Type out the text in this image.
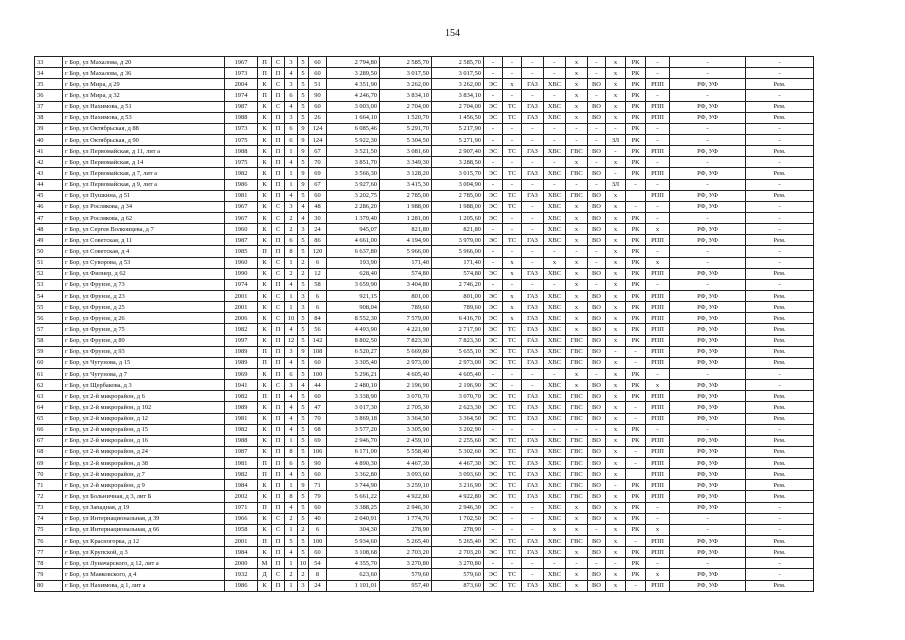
154
33	г Бор, ул Махалова, д 20	1967	П	С	3	5	60	2 794,80	2 585,70	2 585,70	-	-	-	-	х	-	х	РК	-	-	-
34	г Бор, ул Махалова, д 36	1973	П	П	4	5	60	3 289,50	3 017,50	3 017,50	-	-	-	-	х	-	х	РК	-	-	-
35	г Бор, ул Мира, д 29	2004	К	С	3	5	51	4 351,90	3 262,00	3 262,00	ЭС	х	ГАЗ	ХВС	х	ВО	х	РК	РПП	РФ, УФ	Рем.
36	г Бор, ул Мира, д 32	1974	П	П	6	5	90	4 246,70	3 834,10	3 834,10	-	-	-	-	х	-	х	РК	-	-	-
37	г Бор, ул Нахимова, д 51	1987	К	С	4	5	60	3 003,00	2 704,00	2 704,00	ЭС	ТС	ГАЗ	ХВС	х	ВО	х	РК	РПП	РФ, УФ	Рем.
38	г Бор, ул Нахимова, д 53	1988	К	П	3	5	26	1 664,10	1 520,70	1 456,50	ЭС	ТС	ГАЗ	ХВС	х	ВО	х	РК	РПП	РФ, УФ	Рем.
39	г Бор, ул Октябрьская, д 88	1973	К	П	6	9	124	6 085,46	5 291,70	5 217,90	-	-	-	-	-	-	-	РК	-	-	-
40	г Бор, ул Октябрьская, д 90	1975	К	П	6	9	124	5 922,30	5 304,50	5 271,90	-	-	-	-	-	-	ЗЛ	РК	-	-	-
41	г Бор, ул Первомайская, д 11, лит а	1988	К	П	1	9	67	3 521,50	3 081,60	2 907,40	ЭС	ТС	ГАЗ	ХВС	ГВС	ВО	-	РК	РПП	РФ, УФ	Рем.
42	г Бор, ул Первомайская, д 14	1975	К	П	4	5	70	3 851,70	3 349,30	3 288,50	-	-	-	-	х	-	х	РК	-	-	-
43	г Бор, ул Первомайская, д 7, лит а	1982	К	П	1	9	69	3 566,30	3 128,20	3 015,70	ЭС	ТС	ГАЗ	ХВС	ГВС	ВО	-	РК	РПП	РФ, УФ	Рем.
44	г Бор, ул Первомайская, д 9, лит а	1986	К	П	1	9	67	3 927,60	3 415,30	3 004,90	-	-	-	-	-	-	ЗЛ	-	-	-	-
45	г Бор, ул Пушкина, д 51	1981	К	П	4	5	60	3 202,75	2 785,00	2 785,00	ЭС	ТС	ГАЗ	ХВС	ГВС	ВО	х		РПП	РФ, УФ	Рем.
46	г Бор, ул Рослякова, д 34	1967	К	С	3	4	48	2 286,20	1 988,00	1 988,00	ЭС	ТС	-	ХВС	х	ВО	х	-	-	РФ, УФ	-
47	г Бор, ул Рослякова, д 62	1967	К	С	2	4	30	1 379,40	1 281,00	1 205,60	ЭС	-	-	ХВС	х	ВО	х	РК	-	-	-
48	г Бор, ул Сергея Волкоицева, д 7	1960	К	С	2	3	24	945,07	821,80	821,80	-	-	-	ХВС	х	ВО	х	РК	х	РФ, УФ	-
49	г Бор, ул Советская, д 11	1987	К	П	6	5	86	4 661,00	4 194,90	3 979,00	ЭС	ТС	ГАЗ	ХВС	х	ВО	х	РК	РПП	РФ, УФ	Рем.
50	г Бор, ул Советская, д 4	1985	П	П	8	5	120	6 637,80	5 966,00	5 966,00	-	-	-	-	-	-	х	РК	-	-	-
51	г Бор, ул Суворова, д 53	1960	К	С	1	2	6	193,90	171,40	171,40	-	х	-	х	х	-	х	РК	х	-	-
52	г Бор, ул Филнер, д 62	1990	К	С	2	2	12	628,40	574,80	574,80	ЭС	х	ГАЗ	ХВС	х	ВО	х	РК	РПП	РФ, УФ	Рем.
53	г Бор, ул Фрунзе, д 73	1974	К	П	4	5	58	3 659,90	3 404,80	2 746,20	-	-	-	-	х	-	х	РК	-	-	-
54	г Бор, ул Фрунзе, д 23	2001	К	С	1	3	6	921,15	801,00	801,00	ЭС	х	ГАЗ	ХВС	х	ВО	х	РК	РПП	РФ, УФ	Рем.
55	г Бор, ул Фрунзе, д 25	2001	К	С	1	3	6	908,04	789,60	789,60	ЭС	х	ГАЗ	ХВС	х	ВО	х	РК	РПП	РФ, УФ	Рем.
56	г Бор, ул Фрунзе, д 26	2006	К	С	10	5	84	8 552,30	7 579,00	6 416,70	ЭС	х	ГАЗ	ХВС	х	ВО	х	РК	РПП	РФ, УФ	Рем.
57	г Бор, ул Фрунзе, д 75	1982	К	П	4	5	56	4 493,90	4 221,90	2 717,90	ЭС	ТС	ГАЗ	ХВС	х	ВО	х	РК	РПП	РФ, УФ	Рем.
58	г Бор, ул Фрунзе, д 89	1997	К	П	12	5	142	8 802,50	7 823,30	7 823,30	ЭС	ТС	ГАЗ	ХВС	ГВС	ВО	х	РК	РПП	РФ, УФ	Рем.
59	г Бор, ул Фрунзе, д 93	1989	П	П	3	9	108	6 520,27	5 669,80	5 655,10	ЭС	ТС	ГАЗ	ХВС	ГВС	ВО	-	-	РПП	РФ, УФ	Рем.
60	г Бор, ул Чугунова, д 15	1989	П	П	4	5	60	3 305,40	2 973,00	2 973,00	ЭС	ТС	ГАЗ	ХВС	ГВС	ВО	х	-	РПП	РФ, УФ	Рем.
61	г Бор, ул Чугунова, д 7	1969	К	П	6	5	100	5 296,21	4 605,40	4 605,40	-	-	-	-	х	-	х	РК	-	-	-
62	г Бор, ул Щербакова, д 3	1941	К	С	3	4	44	2 480,10	2 196,90	2 196,90	ЭС	-	-	ХВС	х	ВО	х	РК	х	РФ, УФ	-
63	г Бор, ул 2-й микрорайон, д 6	1982	П	П	4	5	60	3 338,90	3 070,70	3 070,70	ЭС	ТС	ГАЗ	ХВС	ГВС	ВО	х	РК	РПП	РФ, УФ	Рем.
64	г Бор, ул 2-й микрорайон, д 102	1989	К	П	4	5	47	3 017,30	2 705,30	2 623,30	ЭС	ТС	ГАЗ	ХВС	ГВС	ВО	х	-	РПП	РФ, УФ	Рем.
65	г Бор, ул 2-й микрорайон, д 12	1981	К	П	4	5	70	3 869,18	3 364,50	3 364,50	ЭС	ТС	ГАЗ	ХВС	ГВС	ВО	х	-	РПП	РФ, УФ	Рем.
66	г Бор, ул 2-й микрорайон, д 15	1982	К	П	4	5	68	3 577,20	3 305,90	3 202,90	-	-	-	-	-	-	х	РК	-	-	-
67	г Бор, ул 2-й микрорайон, д 16	1988	К	П	1	5	69	2 946,70	2 459,10	2 255,60	ЭС	ТС	ГАЗ	ХВС	ГВС	ВО	х	РК	РПП	РФ, УФ	Рем.
68	г Бор, ул 2-й микрорайон, д 24	1987	К	П	8	5	106	6 171,00	5 558,40	5 302,60	ЭС	ТС	ГАЗ	ХВС	ГВС	ВО	х	-	РПП	РФ, УФ	Рем.
69	г Бор, ул 2-й микрорайон, д 38	1981	П	П	6	5	90	4 890,30	4 467,30	4 467,30	ЭС	ТС	ГАЗ	ХВС	ГВС	ВО	х	-	РПП	РФ, УФ	Рем.
70	г Бор, ул 2-й микрорайон, д 7	1982	П	П	4	5	60	3 362,80	3 093,60	3 093,60	ЭС	ТС	ГАЗ	ХВС	ГВС	ВО	х		РПП	РФ, УФ	Рем.
71	г Бор, ул 2-й микрорайон, д 9	1984	К	П	1	9	71	3 744,90	3 259,10	3 216,90	ЭС	ТС	ГАЗ	ХВС	ГВС	ВО	-	РК	РПП	РФ, УФ	Рем.
72	г Бор, ул Больничная, д 3, лит Б	2002	К	П	8	5	79	5 661,22	4 922,80	4 922,80	ЭС	ТС	ГАЗ	ХВС	ГВС	ВО	х	РК	РПП	РФ, УФ	Рем.
73	г Бор, ул Западная, д 19	1971	П	П	4	5	60	3 388,25	2 946,30	2 946,30	ЭС	-	-	ХВС	х	ВО	х	РК	-	РФ, УФ	-
74	г Бор, ул Интернациональная, д 39	1966	К	С	2	5	40	2 040,91	1 774,70	1 702,50	ЭС	-	-	ХВС	х	ВО	х	РК	-	-	-
75	г Бор, ул Интернациональная, д 66	1958	К	С	1	2	6	304,30	278,90	278,90	-	-	-	х	х	-	х	РК	х	-	-
76	г Бор, ул Красногорка, д 12	2001	П	П	5	5	100	5 934,60	5 265,40	5 265,40	ЭС	ТС	ГАЗ	ХВС	ГВС	ВО	х	-	РПП	РФ, УФ	Рем.
77	г Бор, ул Крупской, д 3	1984	К	П	4	5	60	3 108,68	2 703,20	2 703,20	ЭС	ТС	ГАЗ	ХВС	х	ВО	х	РК	РПП	РФ, УФ	Рем.
78	г Бор, ул Луначарского, д 12, лит а	2000	М	П	1	10	54	4 355,70	3 270,80	3 270,80	-	-	-	-	-	-	-	РК	-	-	-
79	г Бор, ул Маяковского, д 4	1932	Д	С	2	2	8	623,60	579,60	579,60	ЭС	ТС	-	ХВС	х	ВО	х	РК	х	РФ, УФ	-
80	г Бор, ул Нахимова, д 1, лит а	1986	К	П	1	3	24	1 101,01	957,40	873,60	ЭС	ТС	ГАЗ	ХВС	х	ВО	х	-	РПП	РФ, УФ	Рем.
